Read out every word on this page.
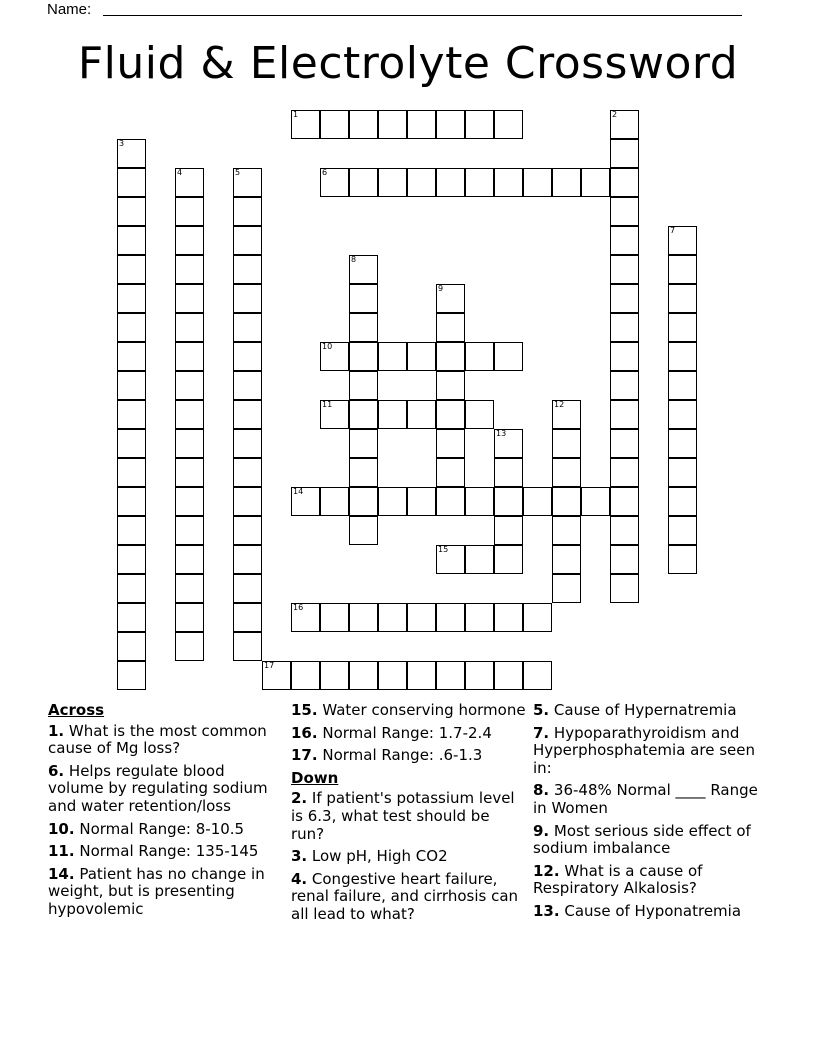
Name:
Fluid & Electrolyte Crossword
1	2
3
4	5	6
7
8
9
10
11	12
13
14
15
16
17
Across
1. What is the most common cause of Mg loss?
6. Helps regulate blood volume by regulating sodium and water retention/loss
10. Normal Range: 8-10.5
11. Normal Range: 135-145
14. Patient has no change in weight, but is presenting hypovolemic
15. Water conserving hormone
16. Normal Range: 1.7-2.4
17. Normal Range: .6-1.3
Down
2. If patient's potassium level is 6.3, what test should be run?
3. Low pH, High CO2
4. Congestive heart failure, renal failure, and cirrhosis can all lead to what?
5. Cause of Hypernatremia
7. Hypoparathyroidism and Hyperphosphatemia are seen in:
8. 36-48% Normal ____ Range in Women
9. Most serious side effect of sodium imbalance
12. What is a cause of Respiratory Alkalosis?
13. Cause of Hyponatremia
